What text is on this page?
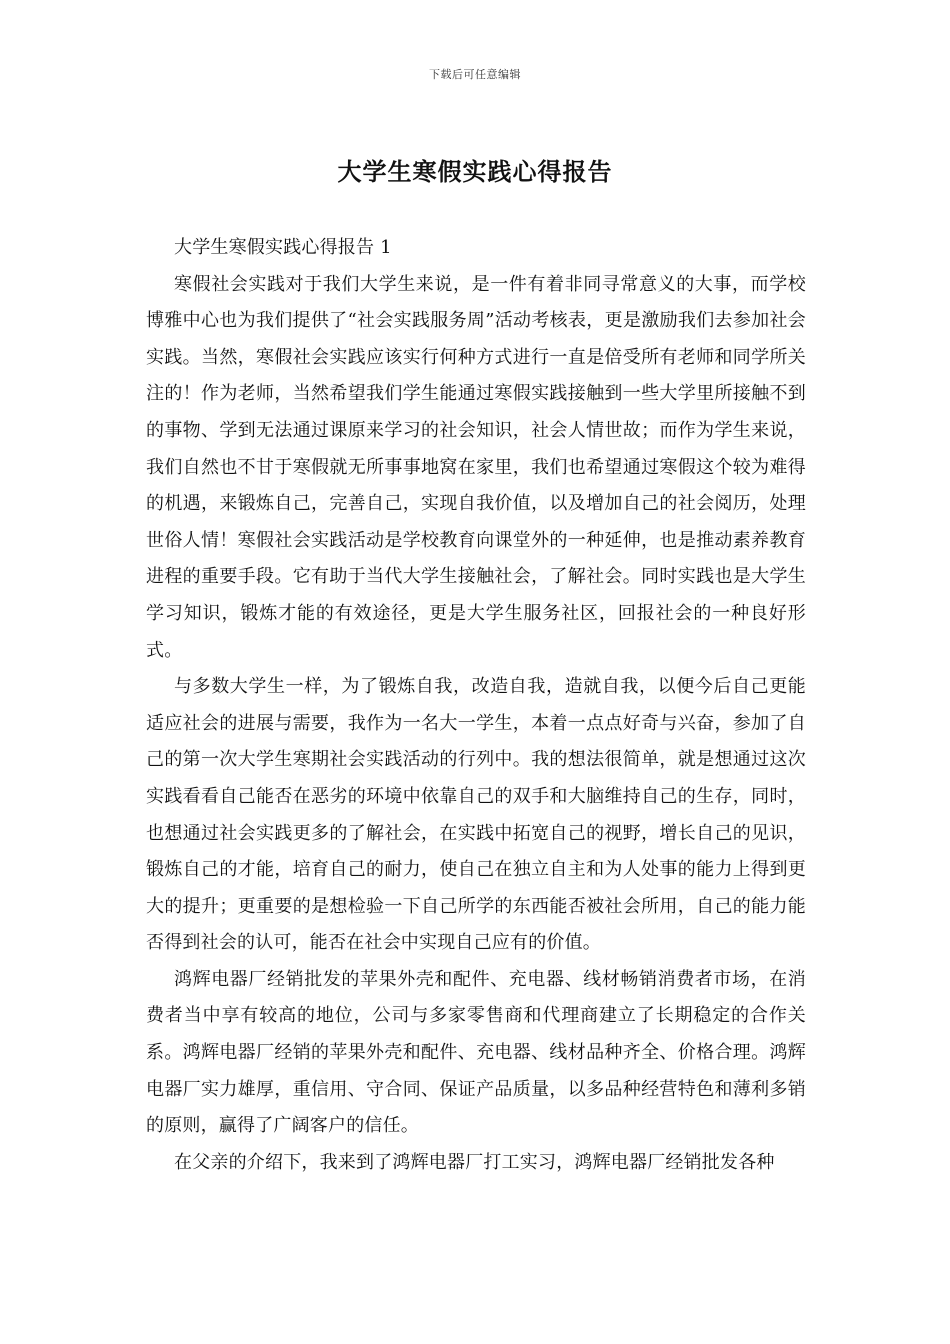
下载后可任意编辑
大学生寒假实践心得报告

大学生寒假实践心得报告 1

寒假社会实践对于我们大学生来说，是一件有着非同寻常意义的大事，而学校博雅中心也为我们提供了“社会实践服务周”活动考核表，更是激励我们去参加社会实践。当然，寒假社会实践应该实行何种方式进行一直是倍受所有老师和同学所关注的！作为老师，当然希望我们学生能通过寒假实践接触到一些大学里所接触不到的事物、学到无法通过课原来学习的社会知识，社会人情世故；而作为学生来说，我们自然也不甘于寒假就无所事事地窝在家里，我们也希望通过寒假这个较为难得的机遇，来锻炼自己，完善自己，实现自我价值，以及增加自己的社会阅历，处理世俗人情！寒假社会实践活动是学校教育向课堂外的一种延伸，也是推动素养教育进程的重要手段。它有助于当代大学生接触社会，了解社会。同时实践也是大学生学习知识，锻炼才能的有效途径，更是大学生服务社区，回报社会的一种良好形式。

与多数大学生一样，为了锻炼自我，改造自我，造就自我，以便今后自己更能适应社会的进展与需要，我作为一名大一学生，本着一点点好奇与兴奋，参加了自己的第一次大学生寒期社会实践活动的行列中。我的想法很简单，就是想通过这次实践看看自己能否在恶劣的环境中依靠自己的双手和大脑维持自己的生存，同时，也想通过社会实践更多的了解社会，在实践中拓宽自己的视野，增长自己的见识，锻炼自己的才能，培育自己的耐力，使自己在独立自主和为人处事的能力上得到更大的提升；更重要的是想检验一下自己所学的东西能否被社会所用，自己的能力能否得到社会的认可，能否在社会中实现自己应有的价值。

鸿辉电器厂经销批发的苹果外壳和配件、充电器、线材畅销消费者市场，在消费者当中享有较高的地位，公司与多家零售商和代理商建立了长期稳定的合作关系。鸿辉电器厂经销的苹果外壳和配件、充电器、线材品种齐全、价格合理。鸿辉电器厂实力雄厚，重信用、守合同、保证产品质量，以多品种经营特色和薄利多销的原则，赢得了广阔客户的信任。

在父亲的介绍下，我来到了鸿辉电器厂打工实习，鸿辉电器厂经销批发各种
